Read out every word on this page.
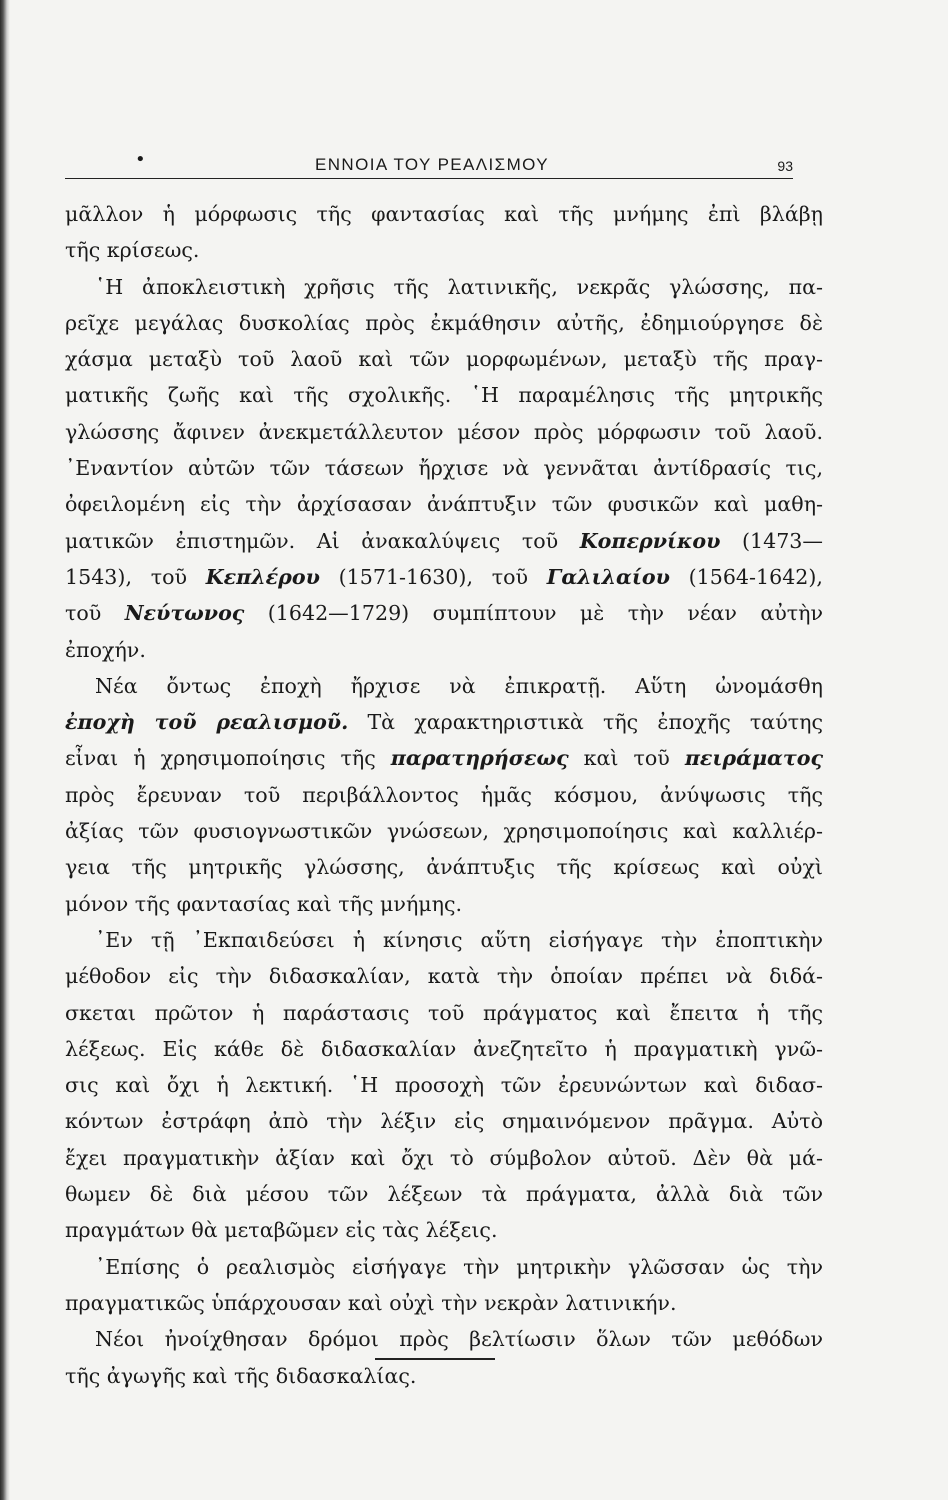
•	ΕΝΝΟΙΑ ΤΟΥ ΡΕΑΛΙΣΜΟΥ	93
μᾶλλον ἡ μόρφωσις τῆς φαντασίας καὶ τῆς μνήμης ἐπὶ βλάβῃ
τῆς κρίσεως.
῾Η ἀποκλειστικὴ χρῆσις τῆς λατινικῆς, νεκρᾶς γλώσσης, πα-
ρεῖχε μεγάλας δυσκολίας πρὸς ἐκμάθησιν αὐτῆς, ἐδημιούργησε δὲ
χάσμα μεταξὺ τοῦ λαοῦ καὶ τῶν μορφωμένων, μεταξὺ τῆς πραγ-
ματικῆς ζωῆς καὶ τῆς σχολικῆς. ῾Η παραμέλησις τῆς μητρικῆς
γλώσσης ἄφινεν ἀνεκμετάλλευτον μέσον πρὸς μόρφωσιν τοῦ λαοῦ.
᾿Εναντίον αὐτῶν τῶν τάσεων ἤρχισε νὰ γεννᾶται ἀντίδρασίς τις,
ὀφειλομένη εἰς τὴν ἀρχίσασαν ἀνάπτυξιν τῶν φυσικῶν καὶ μαθη-
ματικῶν ἐπιστημῶν. Αἱ ἀνακαλύψεις τοῦ Κοπερνίκου (1473—
1543), τοῦ Κεπλέρου (1571-1630), τοῦ Γαλιλαίου (1564-1642),
τοῦ Νεύτωνος (1642—1729) συμπίπτουν μὲ τὴν νέαν αὐτὴν
ἐποχήν.
Νέα ὄντως ἐποχὴ ἤρχισε νὰ ἐπικρατῇ. Αὕτη ὠνομάσθη
ἐποχὴ τοῦ ρεαλισμοῦ. Τὰ χαρακτηριστικὰ τῆς ἐποχῆς ταύτης
εἶναι ἡ χρησιμοποίησις τῆς παρατηρήσεως καὶ τοῦ πειράματος
πρὸς ἔρευναν τοῦ περιβάλλοντος ἡμᾶς κόσμου, ἀνύψωσις τῆς
ἀξίας τῶν φυσιογνωστικῶν γνώσεων, χρησιμοποίησις καὶ καλλιέρ-
γεια τῆς μητρικῆς γλώσσης, ἀνάπτυξις τῆς κρίσεως καὶ οὐχὶ
μόνον τῆς φαντασίας καὶ τῆς μνήμης.
᾿Εν τῇ ᾿Εκπαιδεύσει ἡ κίνησις αὕτη εἰσήγαγε τὴν ἐποπτικὴν
μέθοδον εἰς τὴν διδασκαλίαν, κατὰ τὴν ὁποίαν πρέπει νὰ διδά-
σκεται πρῶτον ἡ παράστασις τοῦ πράγματος καὶ ἔπειτα ἡ τῆς
λέξεως. Εἰς κάθε δὲ διδασκαλίαν ἀνεζητεῖτο ἡ πραγματικὴ γνῶ-
σις καὶ ὄχι ἡ λεκτική. ῾Η προσοχὴ τῶν ἐρευνώντων καὶ διδασ-
κόντων ἐστράφη ἀπὸ τὴν λέξιν εἰς σημαινόμενον πρᾶγμα. Αὐτὸ
ἔχει πραγματικὴν ἀξίαν καὶ ὄχι τὸ σύμβολον αὐτοῦ. Δὲν θὰ μά-
θωμεν δὲ διὰ μέσου τῶν λέξεων τὰ πράγματα, ἀλλὰ διὰ τῶν
πραγμάτων θὰ μεταβῶμεν εἰς τὰς λέξεις.
᾿Επίσης ὁ ρεαλισμὸς εἰσήγαγε τὴν μητρικὴν γλῶσσαν ὡς τὴν
πραγματικῶς ὑπάρχουσαν καὶ οὐχὶ τὴν νεκρὰν λατινικήν.
Νέοι ἠνοίχθησαν δρόμοι πρὸς βελτίωσιν ὅλων τῶν μεθόδων
τῆς ἀγωγῆς καὶ τῆς διδασκαλίας.
